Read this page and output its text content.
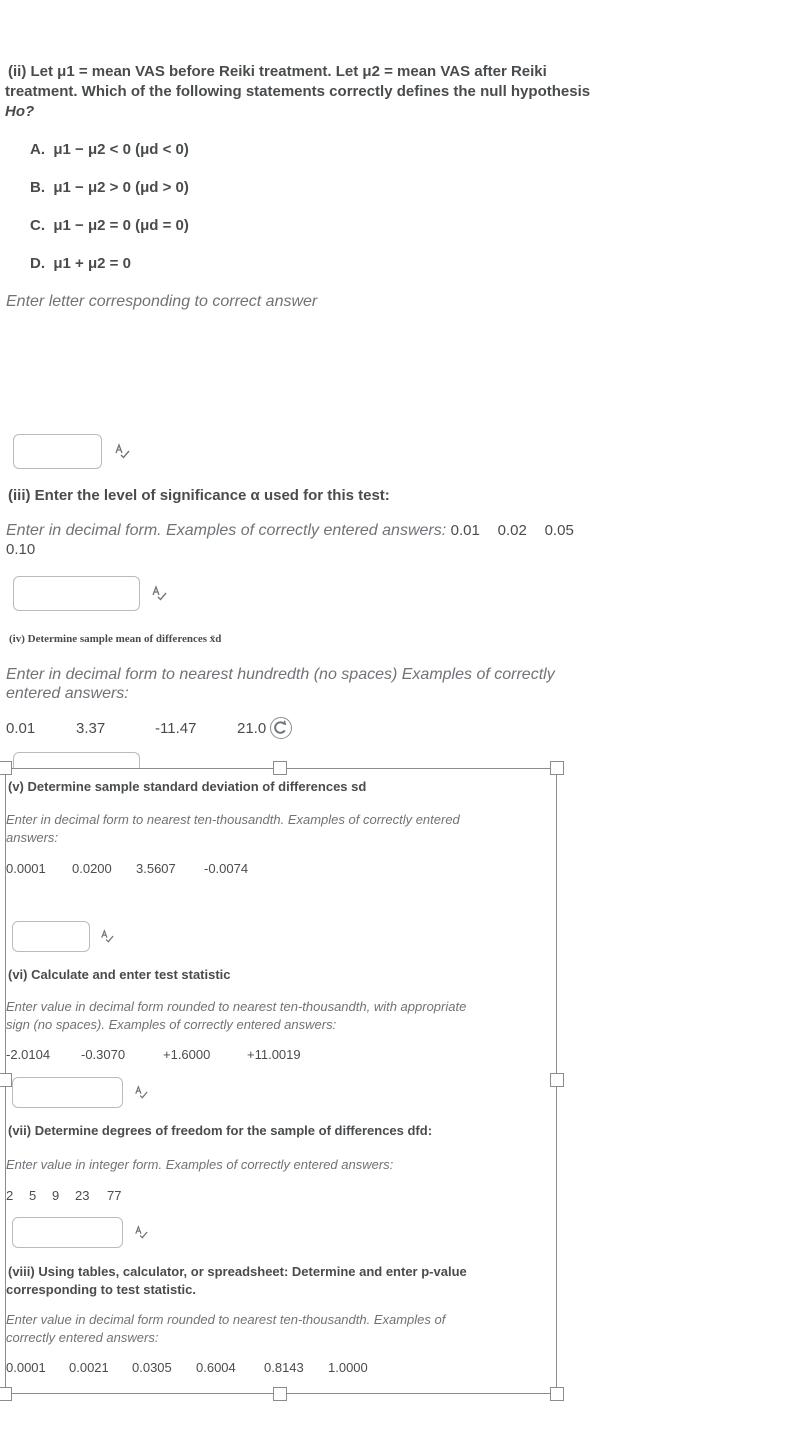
(ii) Let μ1 = mean VAS before Reiki treatment. Let μ2 = mean VAS after Reiki
treatment. Which of the following statements correctly defines the null hypothesis
Ho?
A. μ1 − μ2 < 0 (μd < 0)
B. μ1 − μ2 > 0 (μd > 0)
C. μ1 − μ2 = 0 (μd = 0)
D. μ1 + μ2 = 0
Enter letter corresponding to correct answer
(iii) Enter the level of significance α used for this test:
Enter in decimal form. Examples of correctly entered answers: 0.01 0.02 0.05
0.10
(iv) Determine sample mean of differences x̄d
Enter in decimal form to nearest hundredth (no spaces) Examples of correctly
entered answers:
0.01	3.37	-11.47	21.0
(v) Determine sample standard deviation of differences sd
Enter in decimal form to nearest ten-thousandth. Examples of correctly entered
answers:
0.0001 0.0200 3.5607 -0.0074
(vi) Calculate and enter test statistic
Enter value in decimal form rounded to nearest ten-thousandth, with appropriate
sign (no spaces). Examples of correctly entered answers:
-2.0104 -0.3070	+1.6000	+11.0019
(vii) Determine degrees of freedom for the sample of differences dfd:
Enter value in integer form. Examples of correctly entered answers:
2 5 9 23 77
(viii) Using tables, calculator, or spreadsheet: Determine and enter p-value
corresponding to test statistic.
Enter value in decimal form rounded to nearest ten-thousandth. Examples of
correctly entered answers:
0.0001 0.0021 0.0305 0.6004 0.8143 1.0000
